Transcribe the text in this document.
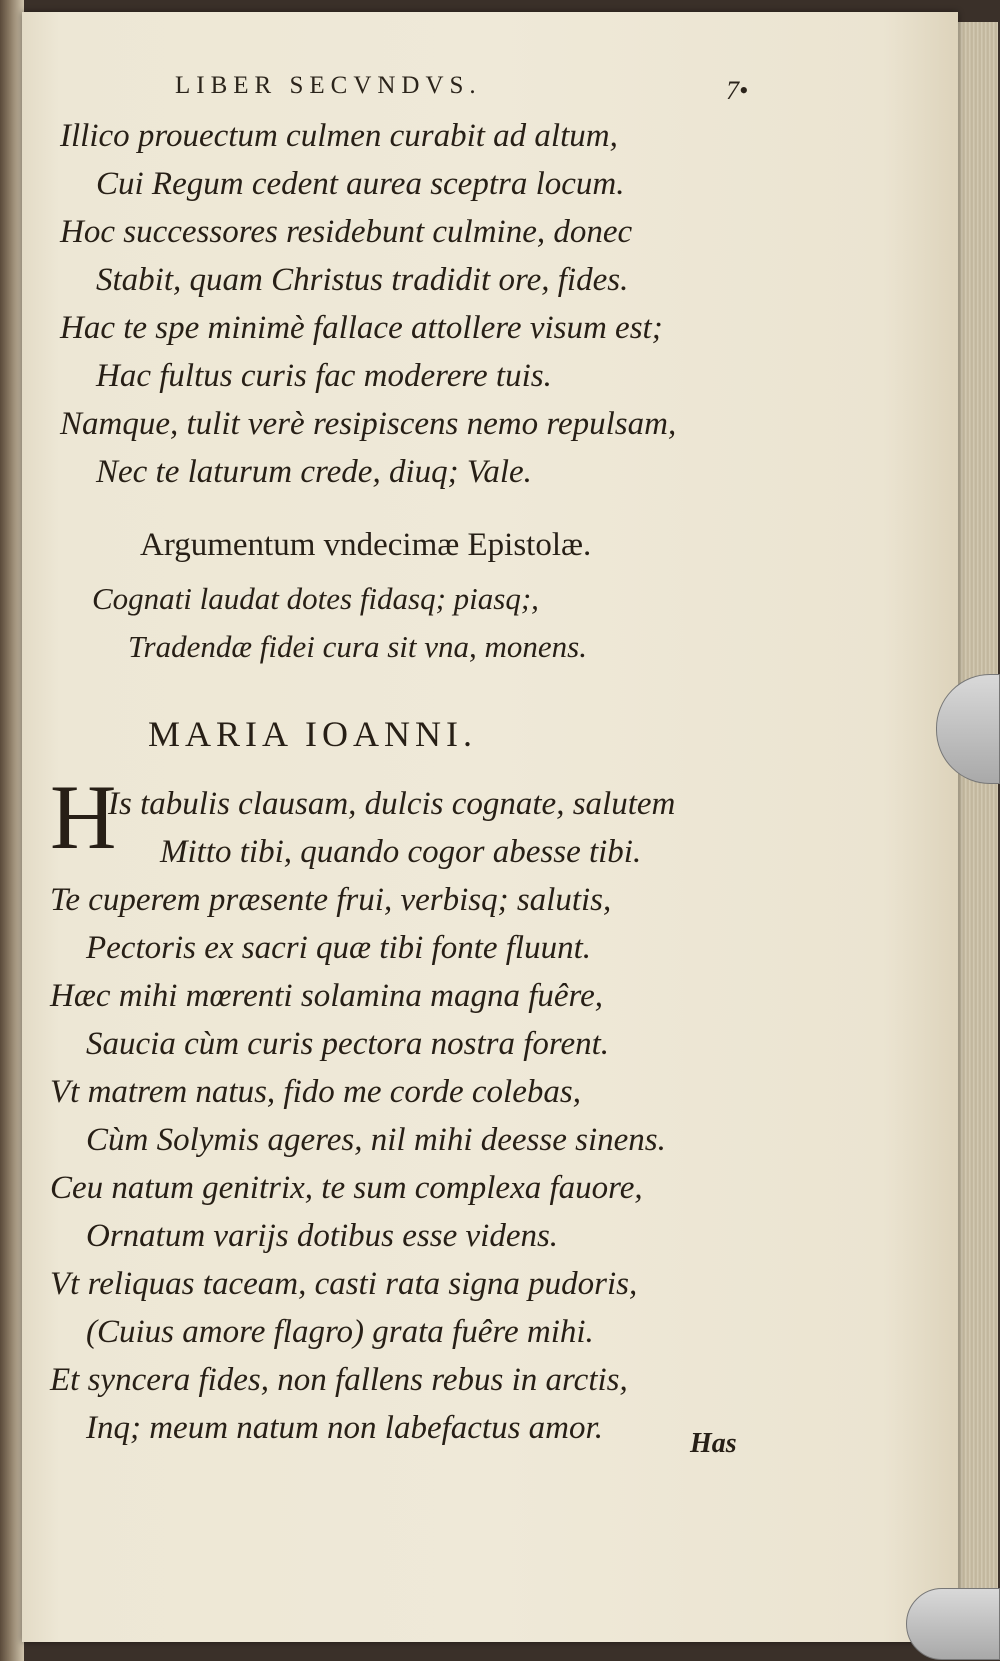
LIBER SECVNDVS.	7•
Illico prouectum culmen curabit ad altum,
Cui Regum cedent aurea sceptra locum.
Hoc successores residebunt culmine, donec
Stabit, quam Christus tradidit ore, fides.
Hac te spe minimè fallace attollere visum est;
Hac fultus curis fac moderere tuis.
Namque, tulit verè resipiscens nemo repulsam,
Nec te laturum crede, diuq; Vale.
Argumentum vndecimæ Epistolæ.
Cognati laudat dotes fidasq; piasq;,
Tradendæ fidei cura sit vna, monens.
MARIA IOANNI.
H
Is tabulis clausam, dulcis cognate, salutem
Mitto tibi, quando cogor abesse tibi.
Te cuperem præsente frui, verbisq; salutis,
Pectoris ex sacri quæ tibi fonte fluunt.
Hæc mihi mœrenti solamina magna fuêre,
Saucia cùm curis pectora nostra forent.
Vt matrem natus, fido me corde colebas,
Cùm Solymis ageres, nil mihi deesse sinens.
Ceu natum genitrix, te sum complexa fauore,
Ornatum varijs dotibus esse videns.
Vt reliquas taceam, casti rata signa pudoris,
(Cuius amore flagro) grata fuêre mihi.
Et syncera fides, non fallens rebus in arctis,
Inq; meum natum non labefactus amor.	Has
